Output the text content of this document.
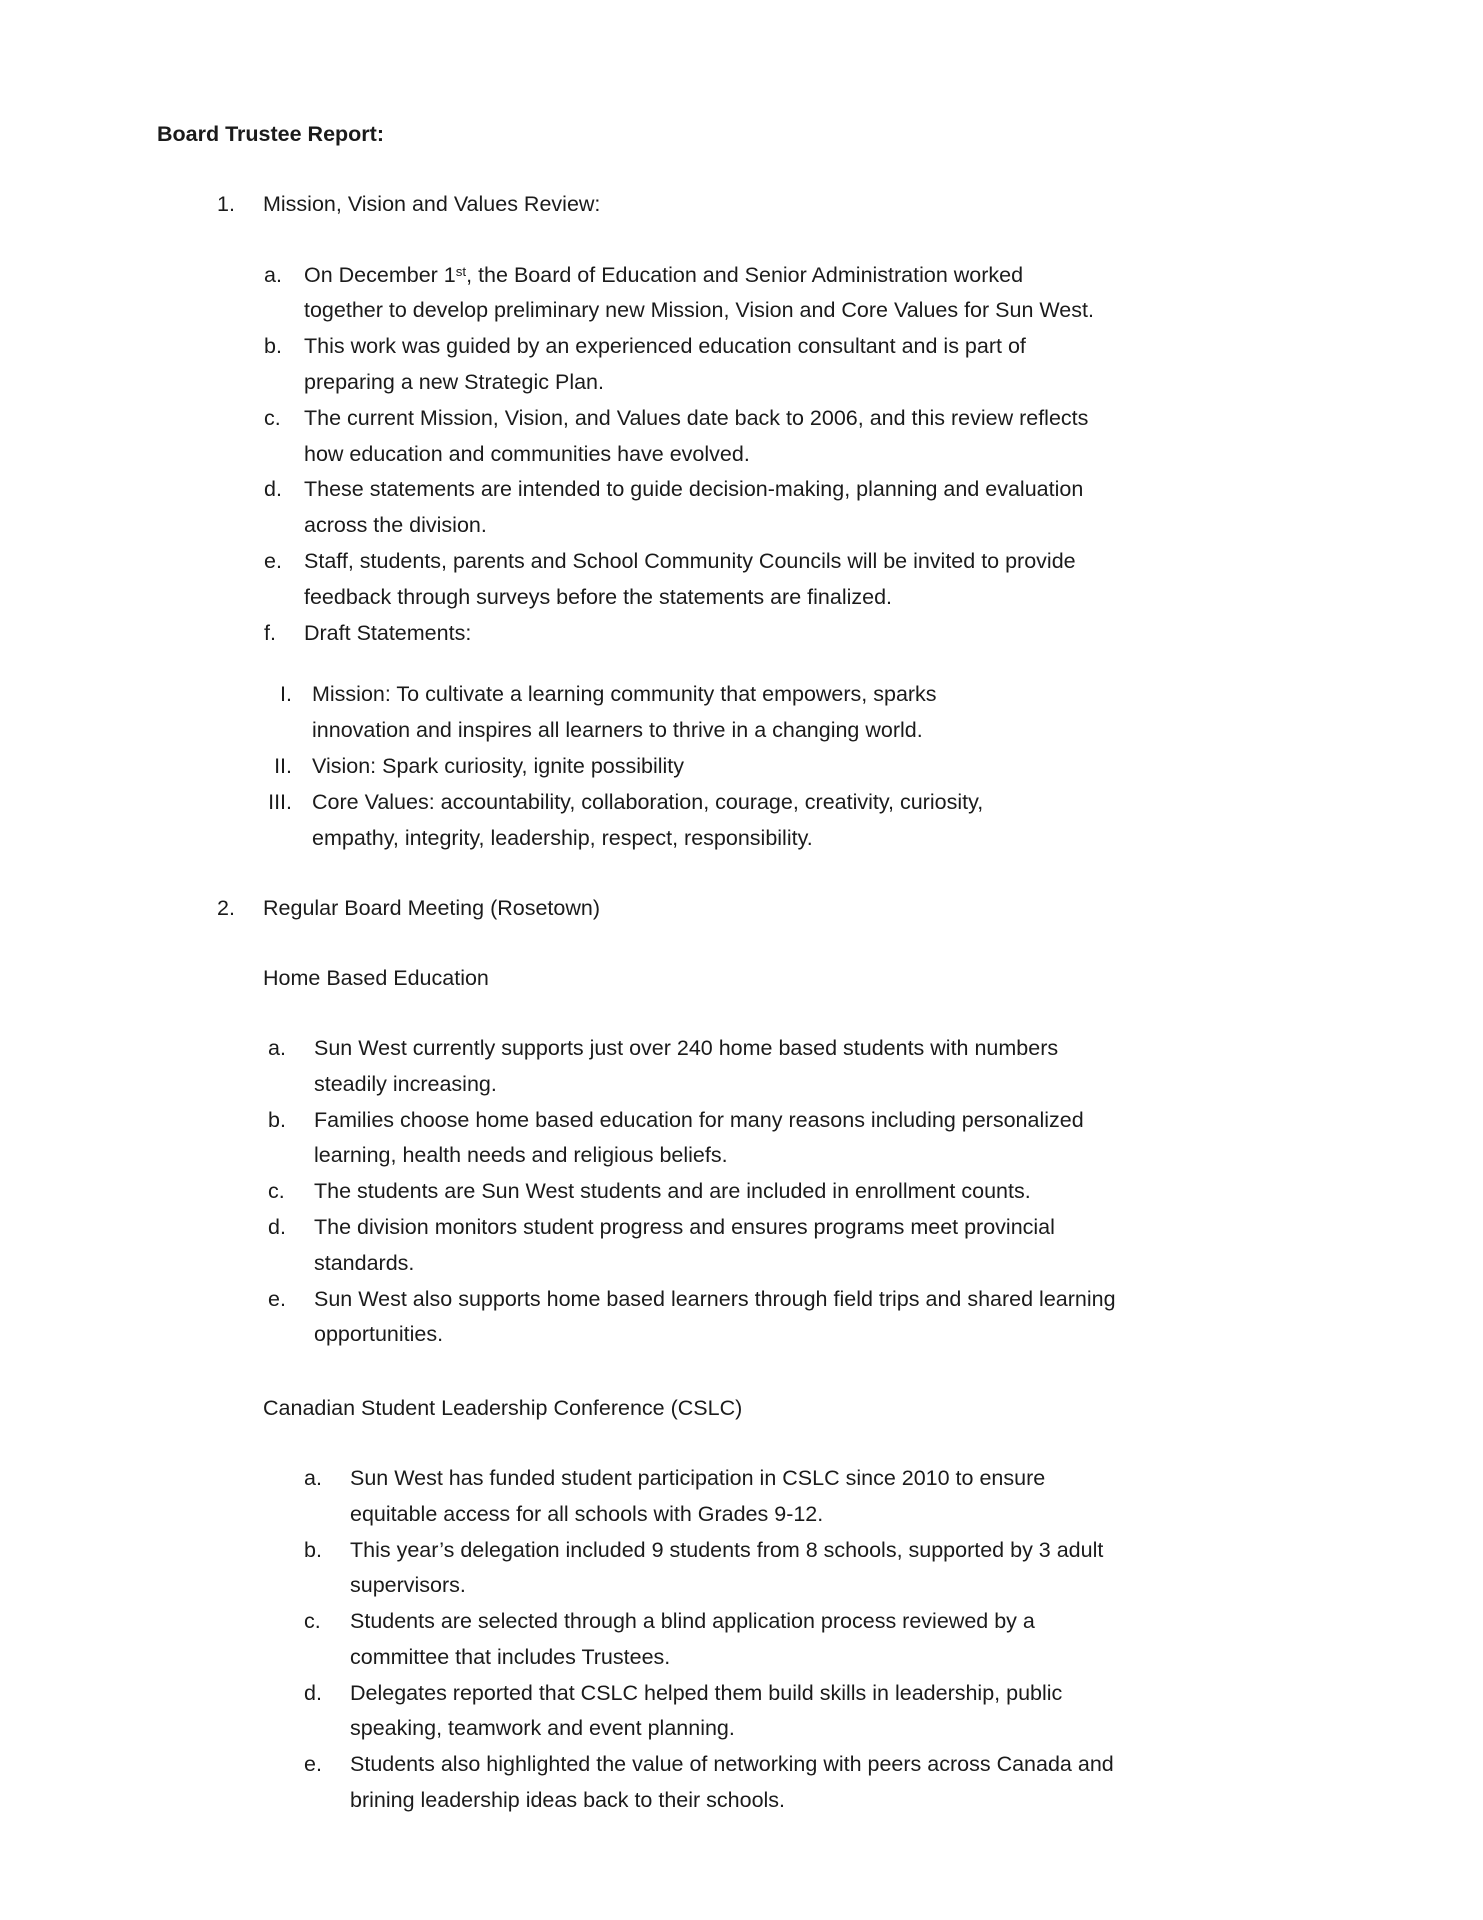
Board Trustee Report:
1.	Mission, Vision and Values Review:
a.	On December 1st, the Board of Education and Senior Administration worked
together to develop preliminary new Mission, Vision and Core Values for Sun West.
b.	This work was guided by an experienced education consultant and is part of
preparing a new Strategic Plan.
c.	The current Mission, Vision, and Values date back to 2006, and this review reflects
how education and communities have evolved.
d.	These statements are intended to guide decision-making, planning and evaluation
across the division.
e.	Staff, students, parents and School Community Councils will be invited to provide
feedback through surveys before the statements are finalized.
f.	Draft Statements:
I. Mission: To cultivate a learning community that empowers, sparks
innovation and inspires all learners to thrive in a changing world.
II. Vision: Spark curiosity, ignite possibility
III. Core Values: accountability, collaboration, courage, creativity, curiosity,
empathy, integrity, leadership, respect, responsibility.
2.	Regular Board Meeting (Rosetown)
Home Based Education
a.	Sun West currently supports just over 240 home based students with numbers
steadily increasing.
b.	Families choose home based education for many reasons including personalized
learning, health needs and religious beliefs.
c.	The students are Sun West students and are included in enrollment counts.
d.	The division monitors student progress and ensures programs meet provincial
standards.
e.	Sun West also supports home based learners through field trips and shared learning
opportunities.
Canadian Student Leadership Conference (CSLC)
a.	Sun West has funded student participation in CSLC since 2010 to ensure
equitable access for all schools with Grades 9-12.
b.	This year’s delegation included 9 students from 8 schools, supported by 3 adult
supervisors.
c.	Students are selected through a blind application process reviewed by a
committee that includes Trustees.
d.	Delegates reported that CSLC helped them build skills in leadership, public
speaking, teamwork and event planning.
e.	Students also highlighted the value of networking with peers across Canada and
brining leadership ideas back to their schools.
